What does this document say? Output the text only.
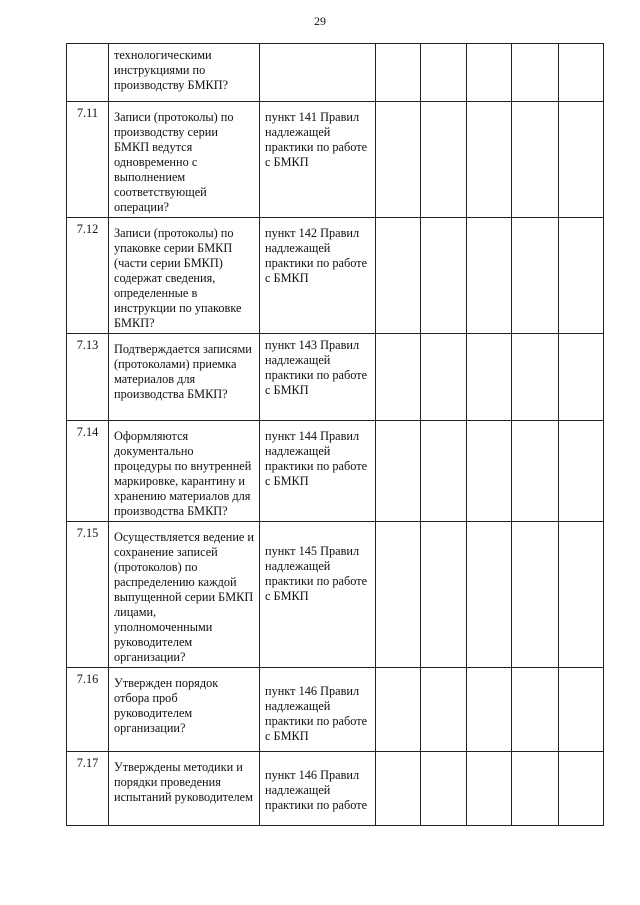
29
	технологическими инструкциями по производству БМКП?						
7.11	Записи (протоколы) по производству серии БМКП ведутся одновременно с выполнением соответствующей операции?	пункт 141 Правил надлежащей практики по работе с БМКП					
7.12	Записи (протоколы) по упаковке серии БМКП (части серии БМКП) содержат сведения, определенные в инструкции по упаковке БМКП?	пункт 142 Правил надлежащей практики по работе с БМКП					
7.13	Подтверждается записями (протоколами) приемка материалов для производства БМКП?	пункт 143 Правил надлежащей практики по работе с БМКП					
7.14	Оформляются документально процедуры по внутренней маркировке, карантину и хранению материалов для производства БМКП?	пункт 144 Правил надлежащей практики по работе с БМКП					
7.15	Осуществляется ведение и сохранение записей (протоколов) по распределению каждой выпущенной серии БМКП лицами, уполномоченными руководителем организации?	пункт 145 Правил надлежащей практики по работе с БМКП					
7.16	Утвержден порядок отбора проб руководителем организации?	пункт 146 Правил надлежащей практики по работе с БМКП					
7.17	Утверждены методики и порядки проведения испытаний руководителем	пункт 146 Правил надлежащей практики по работе					
